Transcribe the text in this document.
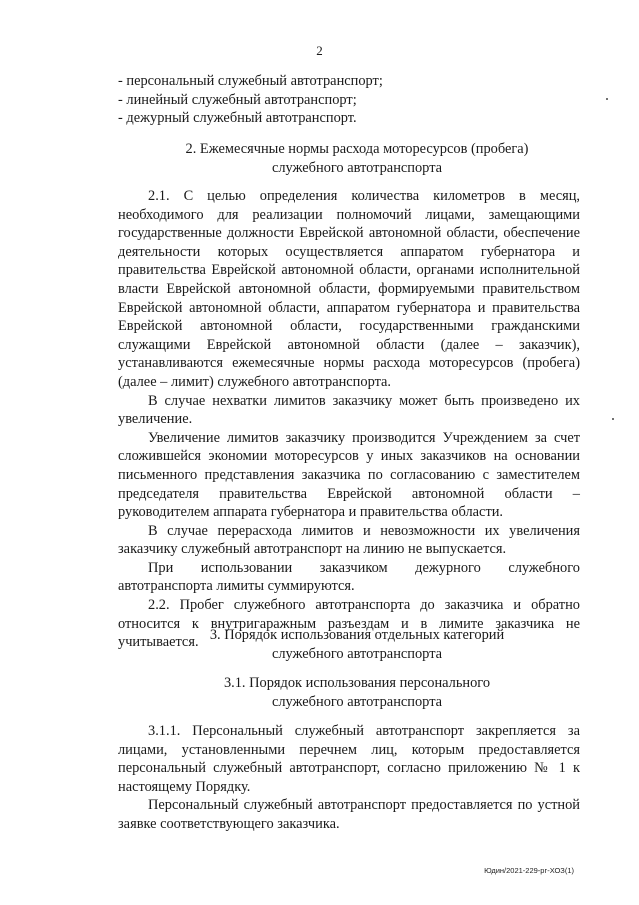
2
- персональный служебный автотранспорт;
- линейный служебный автотранспорт;
- дежурный служебный автотранспорт.
2. Ежемесячные нормы расхода моторесурсов (пробега)
служебного автотранспорта
2.1. С целью определения количества километров в месяц, необходимого для реализации полномочий лицами, замещающими государственные должности Еврейской автономной области, обеспечение деятельности которых осуществляется аппаратом губернатора и правительства Еврейской автономной области, органами исполнительной власти Еврейской автономной области, формируемыми правительством Еврейской автономной области, аппаратом губернатора и правительства Еврейской автономной области, государственными гражданскими служащими Еврейской автономной области (далее – заказчик), устанавливаются ежемесячные нормы расхода моторесурсов (пробега) (далее – лимит) служебного автотранспорта.
В случае нехватки лимитов заказчику может быть произведено их увеличение.
Увеличение лимитов заказчику производится Учреждением за счет сложившейся экономии моторесурсов у иных заказчиков на основании письменного представления заказчика по согласованию с заместителем председателя правительства Еврейской автономной области – руководителем аппарата губернатора и правительства области.
В случае перерасхода лимитов и невозможности их увеличения заказчику служебный автотранспорт на линию не выпускается.
При использовании заказчиком дежурного служебного автотранспорта лимиты суммируются.
2.2. Пробег служебного автотранспорта до заказчика и обратно относится к внутригаражным разъездам и в лимите заказчика не учитывается. 3. Порядок использования отдельных категорий
служебного автотранспорта
3.1. Порядок использования персонального
служебного автотранспорта
3.1.1. Персональный служебный автотранспорт закрепляется за лицами, установленными перечнем лиц, которым предоставляется персональный служебный автотранспорт, согласно приложению № 1 к настоящему Порядку.
Персональный служебный автотранспорт предоставляется по устной заявке соответствующего заказчика.
Юдин/2021-229-рг-ХОЗ(1)
